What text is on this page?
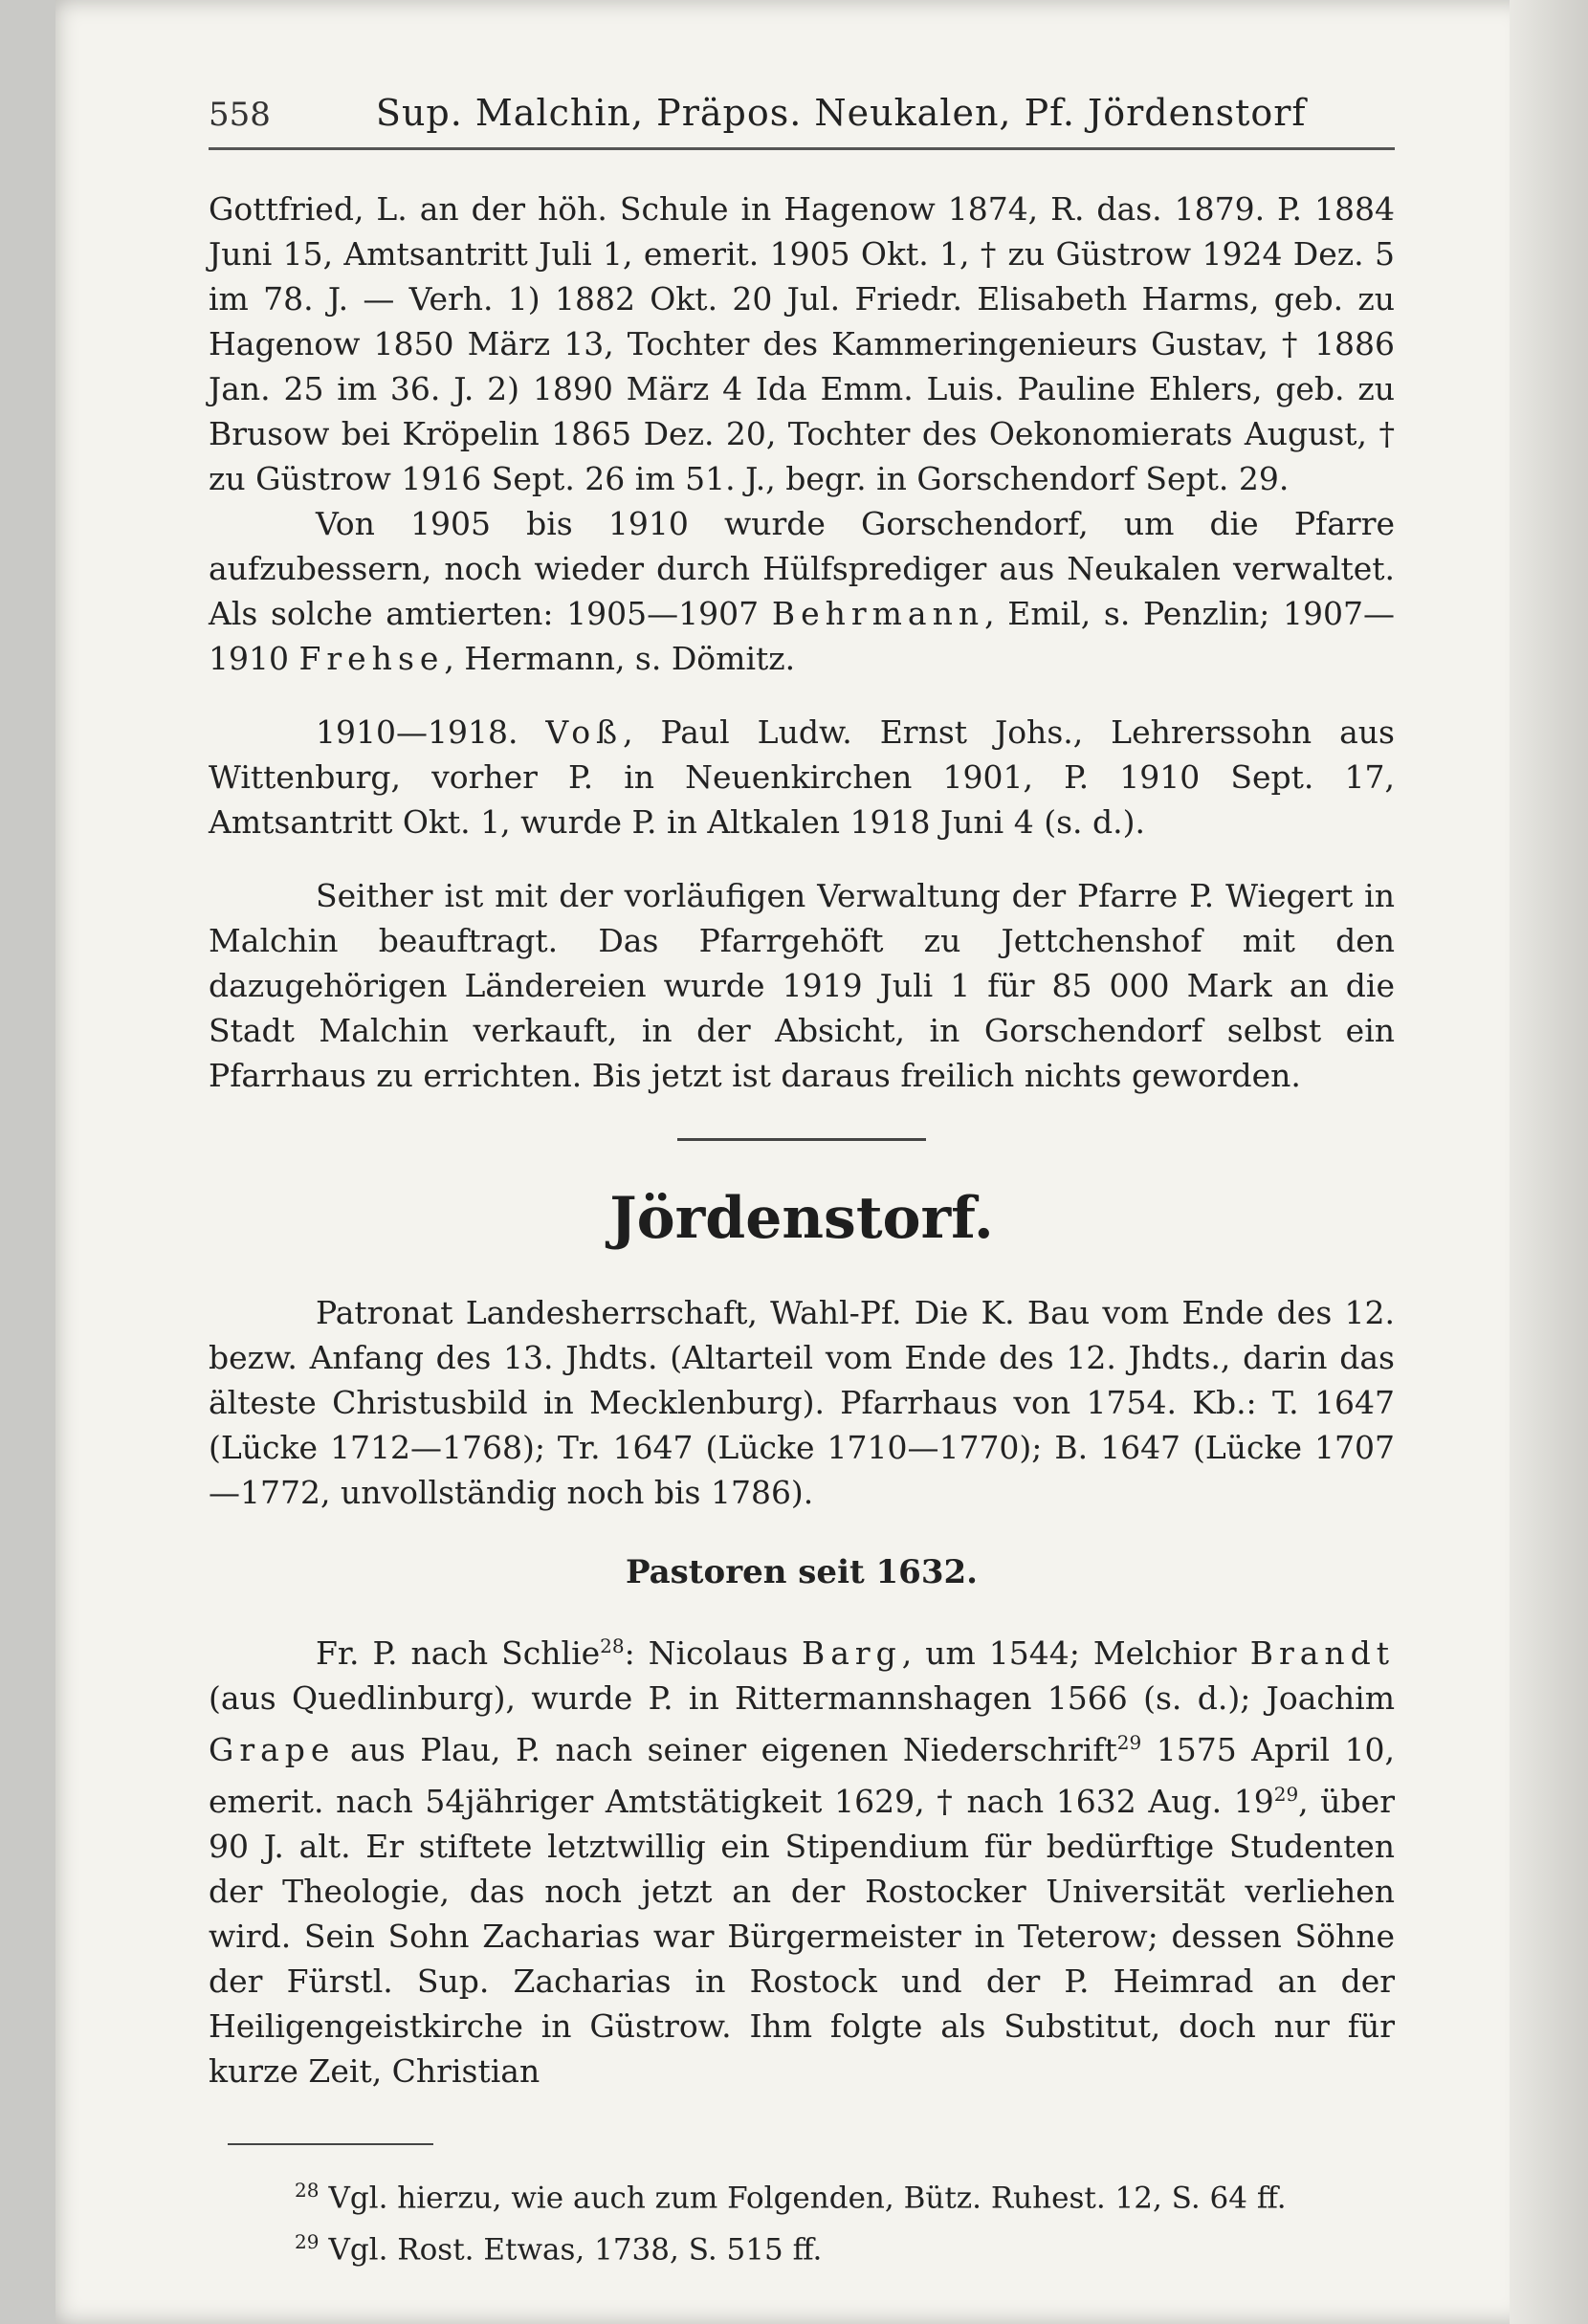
558	Sup. Malchin, Präpos. Neukalen, Pf. Jördenstorf

Gottfried, L. an der höh. Schule in Hagenow 1874, R. das. 1879. P. 1884 Juni 15, Amtsantritt Juli 1, emerit. 1905 Okt. 1, † zu Güstrow 1924 Dez. 5 im 78. J. — Verh. 1) 1882 Okt. 20 Jul. Friedr. Elisabeth Harms, geb. zu Hagenow 1850 März 13, Tochter des Kammeringenieurs Gustav, † 1886 Jan. 25 im 36. J. 2) 1890 März 4 Ida Emm. Luis. Pauline Ehlers, geb. zu Brusow bei Kröpelin 1865 Dez. 20, Tochter des Oekonomierats August, † zu Güstrow 1916 Sept. 26 im 51. J., begr. in Gorschendorf Sept. 29.

Von 1905 bis 1910 wurde Gorschendorf, um die Pfarre aufzubessern, noch wieder durch Hülfsprediger aus Neukalen verwaltet. Als solche amtierten: 1905—1907 Behrmann, Emil, s. Penzlin; 1907—1910 Frehse, Hermann, s. Dömitz.

1910—1918. Voß, Paul Ludw. Ernst Johs., Lehrerssohn aus Wittenburg, vorher P. in Neuenkirchen 1901, P. 1910 Sept. 17, Amtsantritt Okt. 1, wurde P. in Altkalen 1918 Juni 4 (s. d.).

Seither ist mit der vorläufigen Verwaltung der Pfarre P. Wiegert in Malchin beauftragt. Das Pfarrgehöft zu Jettchenshof mit den dazugehörigen Ländereien wurde 1919 Juli 1 für 85 000 Mark an die Stadt Malchin verkauft, in der Absicht, in Gorschendorf selbst ein Pfarrhaus zu errichten. Bis jetzt ist daraus freilich nichts geworden.

Jördenstorf.

Patronat Landesherrschaft, Wahl-Pf. Die K. Bau vom Ende des 12. bezw. Anfang des 13. Jhdts. (Altarteil vom Ende des 12. Jhdts., darin das älteste Christusbild in Mecklenburg). Pfarrhaus von 1754. Kb.: T. 1647 (Lücke 1712—1768); Tr. 1647 (Lücke 1710—1770); B. 1647 (Lücke 1707—1772, unvollständig noch bis 1786).

Pastoren seit 1632.

Fr. P. nach Schlie$^{28}$: Nicolaus Barg, um 1544; Melchior Brandt (aus Quedlinburg), wurde P. in Rittermannshagen 1566 (s. d.); Joachim Grape aus Plau, P. nach seiner eigenen Niederschrift$^{29}$ 1575 April 10, emerit. nach 54jähriger Amtstätigkeit 1629, † nach 1632 Aug. $19^{29}$, über 90 J. alt. Er stiftete letztwillig ein Stipendium für bedürftige Studenten der Theologie, das noch jetzt an der Rostocker Universität verliehen wird. Sein Sohn Zacharias war Bürgermeister in Teterow; dessen Söhne der Fürstl. Sup. Zacharias in Rostock und der P. Heimrad an der Heiligengeistkirche in Güstrow. Ihm folgte als Substitut, doch nur für kurze Zeit, Christian

$^{28}$ Vgl. hierzu, wie auch zum Folgenden, Bütz. Ruhest. 12, S. 64 ff.

$^{29}$ Vgl. Rost. Etwas, 1738, S. 515 ff.
